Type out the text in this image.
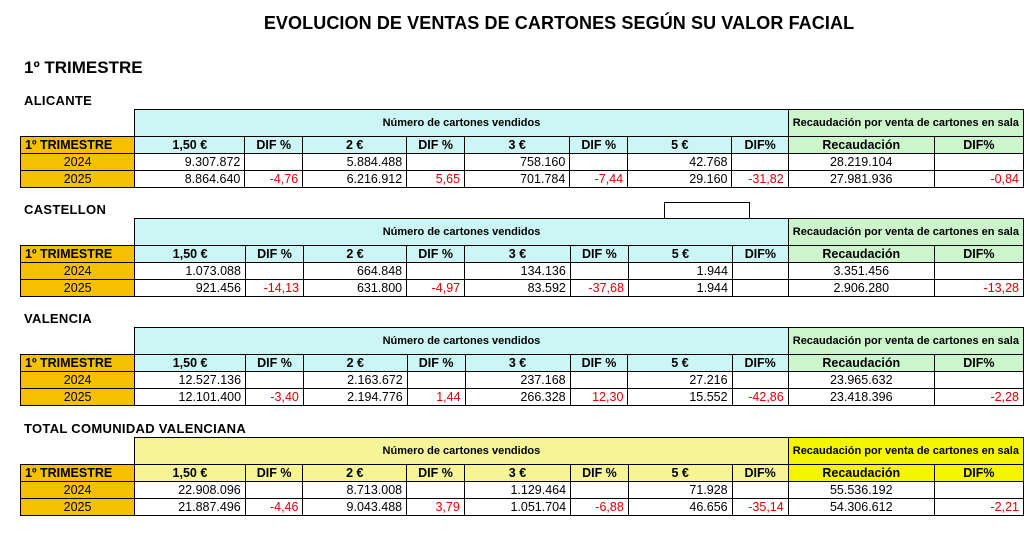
EVOLUCION DE VENTAS DE CARTONES SEGÚN SU VALOR FACIAL
1º TRIMESTRE
ALICANTE
	Número de cartones vendidos								Recaudación por venta de cartones en sala	
1º TRIMESTRE	1,50 €	DIF %	2 €	DIF %	3 €	DIF %	5 €	DIF%	Recaudación	DIF%
2024	9.307.872		5.884.488		758.160		42.768		28.219.104	
2025	8.864.640	-4,76	6.216.912	5,65	701.784	-7,44	29.160	-31,82	27.981.936	-0,84
CASTELLON
	Número de cartones vendidos								Recaudación por venta de cartones en sala	
1º TRIMESTRE	1,50 €	DIF %	2 €	DIF %	3 €	DIF %	5 €	DIF%	Recaudación	DIF%
2024	1.073.088		664.848		134.136		1.944		3.351.456	
2025	921.456	-14,13	631.800	-4,97	83.592	-37,68	1.944		2.906.280	-13,28
VALENCIA
	Número de cartones vendidos								Recaudación por venta de cartones en sala	
1º TRIMESTRE	1,50 €	DIF %	2 €	DIF %	3 €	DIF %	5 €	DIF%	Recaudación	DIF%
2024	12.527.136		2.163.672		237.168		27.216		23.965.632	
2025	12.101.400	-3,40	2.194.776	1,44	266.328	12,30	15.552	-42,86	23.418.396	-2,28
TOTAL COMUNIDAD VALENCIANA
	Número de cartones vendidos								Recaudación por venta de cartones en sala	
1º TRIMESTRE	1,50 €	DIF %	2 €	DIF %	3 €	DIF %	5 €	DIF%	Recaudación	DIF%
2024	22.908.096		8.713.008		1.129.464		71.928		55.536.192	
2025	21.887.496	-4,46	9.043.488	3,79	1.051.704	-6,88	46.656	-35,14	54.306.612	-2,21
